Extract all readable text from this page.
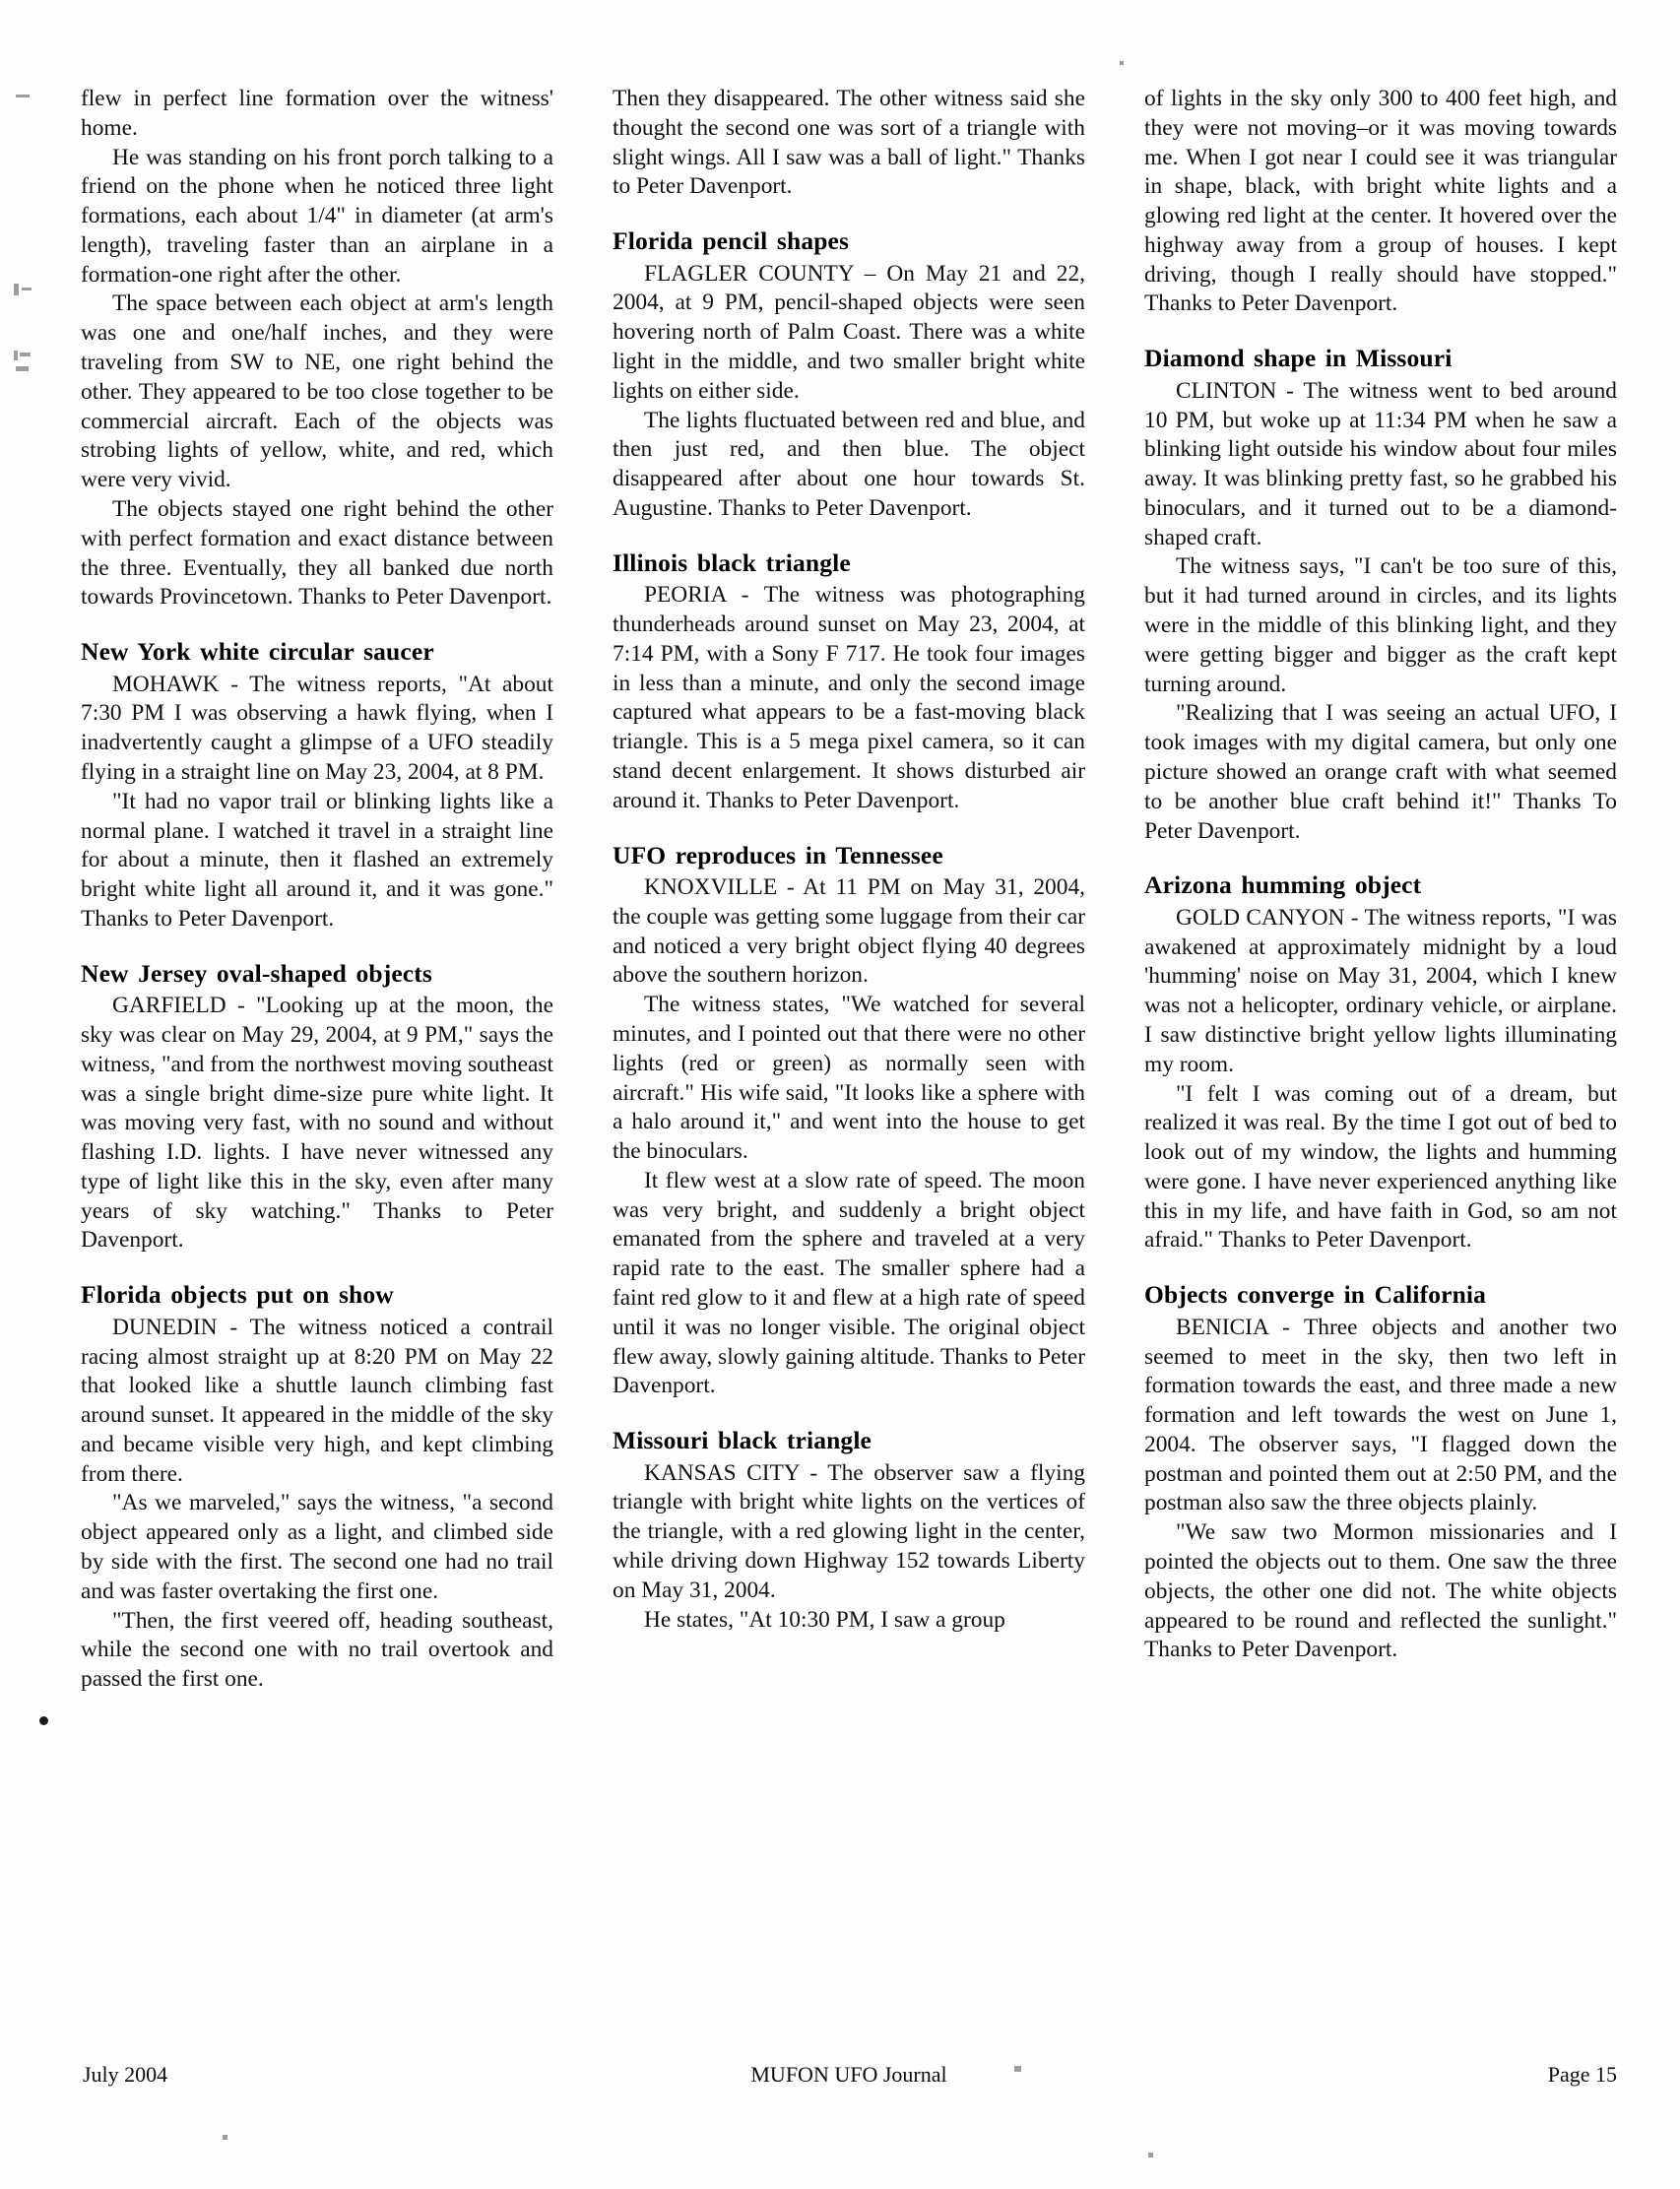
flew in perfect line formation over the witness' home.

He was standing on his front porch talking to a friend on the phone when he noticed three light formations, each about 1/4" in diameter (at arm's length), traveling faster than an airplane in a formation-one right after the other.

The space between each object at arm's length was one and one/half inches, and they were traveling from SW to NE, one right behind the other. They appeared to be too close together to be commercial aircraft. Each of the objects was strobing lights of yellow, white, and red, which were very vivid.

The objects stayed one right behind the other with perfect formation and exact distance between the three. Eventually, they all banked due north towards Provincetown. Thanks to Peter Davenport.

New York white circular saucer

MOHAWK - The witness reports, "At about 7:30 PM I was observing a hawk flying, when I inadvertently caught a glimpse of a UFO steadily flying in a straight line on May 23, 2004, at 8 PM.

"It had no vapor trail or blinking lights like a normal plane. I watched it travel in a straight line for about a minute, then it flashed an extremely bright white light all around it, and it was gone." Thanks to Peter Davenport.

New Jersey oval-shaped objects

GARFIELD - "Looking up at the moon, the sky was clear on May 29, 2004, at 9 PM," says the witness, "and from the northwest moving southeast was a single bright dime-size pure white light. It was moving very fast, with no sound and without flashing I.D. lights. I have never witnessed any type of light like this in the sky, even after many years of sky watching." Thanks to Peter Davenport.

Florida objects put on show

DUNEDIN - The witness noticed a contrail racing almost straight up at 8:20 PM on May 22 that looked like a shuttle launch climbing fast around sunset. It appeared in the middle of the sky and became visible very high, and kept climbing from there.

"As we marveled," says the witness, "a second object appeared only as a light, and climbed side by side with the first. The second one had no trail and was faster overtaking the first one.

"Then, the first veered off, heading southeast, while the second one with no trail overtook and passed the first one.

Then they disappeared. The other witness said she thought the second one was sort of a triangle with slight wings. All I saw was a ball of light." Thanks to Peter Davenport.

Florida pencil shapes

FLAGLER COUNTY – On May 21 and 22, 2004, at 9 PM, pencil-shaped objects were seen hovering north of Palm Coast. There was a white light in the middle, and two smaller bright white lights on either side.

The lights fluctuated between red and blue, and then just red, and then blue. The object disappeared after about one hour towards St. Augustine. Thanks to Peter Davenport.

Illinois black triangle

PEORIA - The witness was photographing thunderheads around sunset on May 23, 2004, at 7:14 PM, with a Sony F 717. He took four images in less than a minute, and only the second image captured what appears to be a fast-moving black triangle. This is a 5 mega pixel camera, so it can stand decent enlargement. It shows disturbed air around it. Thanks to Peter Davenport.

UFO reproduces in Tennessee

KNOXVILLE - At 11 PM on May 31, 2004, the couple was getting some luggage from their car and noticed a very bright object flying 40 degrees above the southern horizon.

The witness states, "We watched for several minutes, and I pointed out that there were no other lights (red or green) as normally seen with aircraft." His wife said, "It looks like a sphere with a halo around it," and went into the house to get the binoculars.

It flew west at a slow rate of speed. The moon was very bright, and suddenly a bright object emanated from the sphere and traveled at a very rapid rate to the east. The smaller sphere had a faint red glow to it and flew at a high rate of speed until it was no longer visible. The original object flew away, slowly gaining altitude. Thanks to Peter Davenport.

Missouri black triangle

KANSAS CITY - The observer saw a flying triangle with bright white lights on the vertices of the triangle, with a red glowing light in the center, while driving down Highway 152 towards Liberty on May 31, 2004.

He states, "At 10:30 PM, I saw a group

of lights in the sky only 300 to 400 feet high, and they were not moving–or it was moving towards me. When I got near I could see it was triangular in shape, black, with bright white lights and a glowing red light at the center. It hovered over the highway away from a group of houses. I kept driving, though I really should have stopped." Thanks to Peter Davenport.

Diamond shape in Missouri

CLINTON - The witness went to bed around 10 PM, but woke up at 11:34 PM when he saw a blinking light outside his window about four miles away. It was blinking pretty fast, so he grabbed his binoculars, and it turned out to be a diamond-shaped craft.

The witness says, "I can't be too sure of this, but it had turned around in circles, and its lights were in the middle of this blinking light, and they were getting bigger and bigger as the craft kept turning around.

"Realizing that I was seeing an actual UFO, I took images with my digital camera, but only one picture showed an orange craft with what seemed to be another blue craft behind it!" Thanks To Peter Davenport.

Arizona humming object

GOLD CANYON - The witness reports, "I was awakened at approximately midnight by a loud 'humming' noise on May 31, 2004, which I knew was not a helicopter, ordinary vehicle, or airplane. I saw distinctive bright yellow lights illuminating my room.

"I felt I was coming out of a dream, but realized it was real. By the time I got out of bed to look out of my window, the lights and humming were gone. I have never experienced anything like this in my life, and have faith in God, so am not afraid." Thanks to Peter Davenport.

Objects converge in California

BENICIA - Three objects and another two seemed to meet in the sky, then two left in formation towards the east, and three made a new formation and left towards the west on June 1, 2004. The observer says, "I flagged down the postman and pointed them out at 2:50 PM, and the postman also saw the three objects plainly.

"We saw two Mormon missionaries and I pointed the objects out to them. One saw the three objects, the other one did not. The white objects appeared to be round and reflected the sunlight." Thanks to Peter Davenport.

July 2004	MUFON UFO Journal	Page 15
